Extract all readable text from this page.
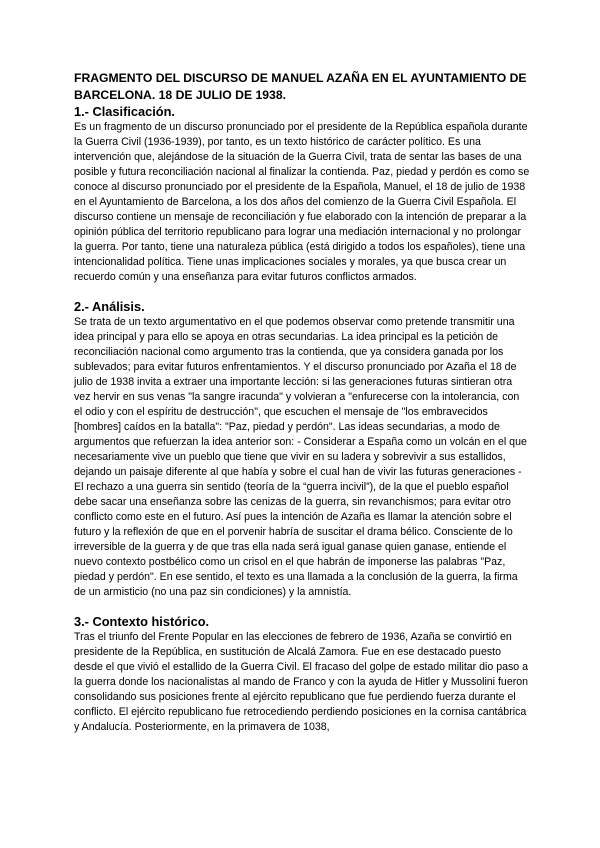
FRAGMENTO DEL DISCURSO DE MANUEL AZAÑA EN EL AYUNTAMIENTO DE BARCELONA. 18 DE JULIO DE 1938.

1.- Clasificación.

Es un fragmento de un discurso pronunciado por el presidente de la República española durante la Guerra Civil (1936-1939), por tanto, es un texto histórico de carácter político. Es una intervención que, alejándose de la situación de la Guerra Civil, trata de sentar las bases de una posible y futura reconciliación nacional al finalizar la contienda. Paz, piedad y perdón es como se conoce al discurso pronunciado por el presidente de la Española, Manuel, el 18 de julio de 1938 en el Ayuntamiento de Barcelona, a los dos años del comienzo de la Guerra Civil Española. El discurso contiene un mensaje de reconciliación y fue elaborado con la intención de preparar a la opinión pública del territorio republicano para lograr una mediación internacional y no prolongar la guerra. Por tanto, tiene una naturaleza pública (está dirigido a todos los españoles), tiene una intencionalidad política. Tiene unas implicaciones sociales y morales, ya que busca crear un recuerdo común y una enseñanza para evitar futuros conflictos armados.

2.- Análisis.

Se trata de un texto argumentativo en el que podemos observar como pretende transmitir una idea principal y para ello se apoya en otras secundarias. La idea principal es la petición de reconciliación nacional como argumento tras la contienda, que ya considera ganada por los sublevados; para evitar futuros enfrentamientos. Y el discurso pronunciado por Azaña el 18 de julio de 1938 invita a extraer una importante lección: si las generaciones futuras sintieran otra vez hervir en sus venas "la sangre iracunda" y volvieran a "enfurecerse con la intolerancia, con el odio y con el espíritu de destrucción", que escuchen el mensaje de "los embravecidos [hombres] caídos en la batalla": "Paz, piedad y perdón". Las ideas secundarias, a modo de argumentos que refuerzan la idea anterior son: - Considerar a España como un volcán en el que necesariamente vive un pueblo que tiene que vivir en su ladera y sobrevivir a sus estallidos, dejando un paisaje diferente al que había y sobre el cual han de vivir las futuras generaciones - El rechazo a una guerra sin sentido (teoría de la “guerra incivil”), de la que el pueblo español debe sacar una enseñanza sobre las cenizas de la guerra, sin revanchismos; para evitar otro conflicto como este en el futuro. Así pues la intención de Azaña es llamar la atención sobre el futuro y la reflexión de que en el porvenir habría de suscitar el drama bélico. Consciente de lo irreversible de la guerra y de que tras ella nada será igual ganase quien ganase, entiende el nuevo contexto postbélico como un crisol en el que habrán de imponerse las palabras "Paz, piedad y perdón". En ese sentido, el texto es una llamada a la conclusión de la guerra, la firma de un armisticio (no una paz sin condiciones) y la amnistía.

3.- Contexto histórico.

Tras el triunfo del Frente Popular en las elecciones de febrero de 1936, Azaña se convirtió en presidente de la República, en sustitución de Alcalá Zamora. Fue en ese destacado puesto desde el que vivió el estallido de la Guerra Civil. El fracaso del golpe de estado militar dio paso a la guerra donde los nacionalistas al mando de Franco y con la ayuda de Hitler y Mussolini fueron consolidando sus posiciones frente al ejército republicano que fue perdiendo fuerza durante el conflicto. El ejército republicano fue retrocediendo perdiendo posiciones en la cornisa cantábrica y Andalucía. Posteriormente, en la primavera de 1038,
